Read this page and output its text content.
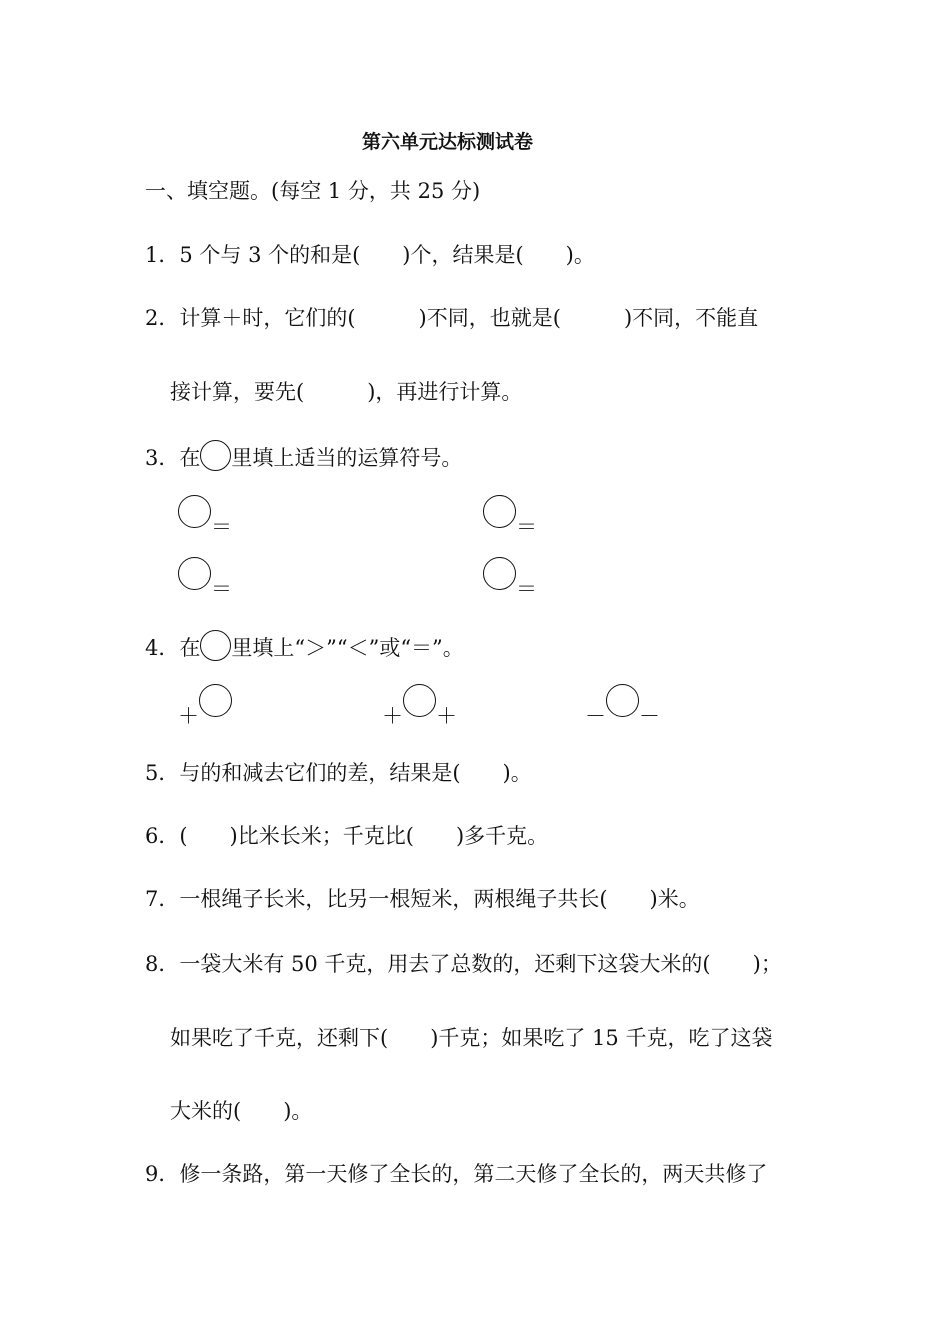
第六单元达标测试卷
一、填空题。(每空 1 分，共 25 分)
1．5 个与 3 个的和是(　　)个，结果是(　　)。
2．计算＋时，它们的(　　　)不同，也就是(　　　)不同，不能直
接计算，要先(　　　)，再进行计算。
3．在 里填上适当的运算符号。
＝	＝
＝	＝
4．在 里填上“＞”“＜”或“＝”。
＋	＋ ＋	－ －
5．与的和减去它们的差，结果是(　　)。
6．(　　)比米长米；千克比(　　)多千克。
7．一根绳子长米，比另一根短米，两根绳子共长(　　)米。
8．一袋大米有 50 千克，用去了总数的，还剩下这袋大米的(　　)；
如果吃了千克，还剩下(　　)千克；如果吃了 15 千克，吃了这袋
大米的(　　)。
9．修一条路，第一天修了全长的，第二天修了全长的，两天共修了
